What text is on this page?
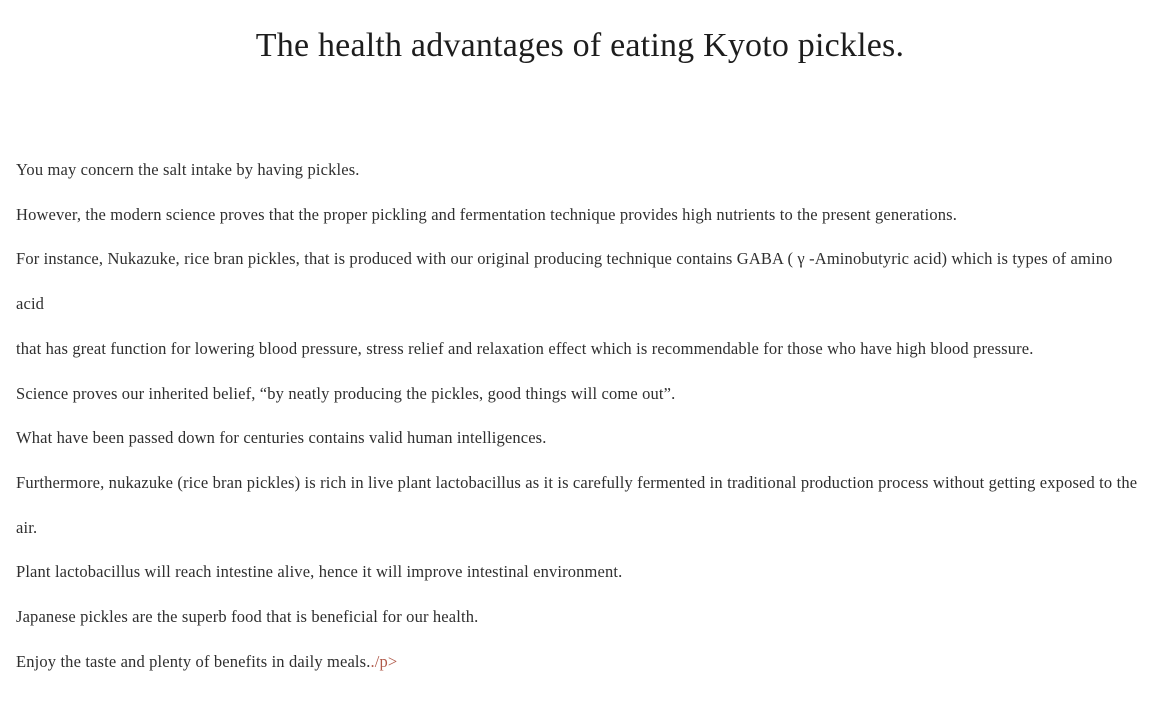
The health advantages of eating Kyoto pickles.

You may concern the salt intake by having pickles.

However, the modern science proves that the proper pickling and fermentation technique provides high nutrients to the present generations.

For instance, Nukazuke, rice bran pickles, that is produced with our original producing technique contains GABA ( γ -Aminobutyric acid) which is types of amino acid

that has great function for lowering blood pressure, stress relief and relaxation effect which is recommendable for those who have high blood pressure.

Science proves our inherited belief, “by neatly producing the pickles, good things will come out”.

What have been passed down for centuries contains valid human intelligences.

Furthermore, nukazuke (rice bran pickles) is rich in live plant lactobacillus as it is carefully fermented in traditional production process without getting exposed to the air.

Plant lactobacillus will reach intestine alive, hence it will improve intestinal environment.

Japanese pickles are the superb food that is beneficial for our health.

Enjoy the taste and plenty of benefits in daily meals../p>
